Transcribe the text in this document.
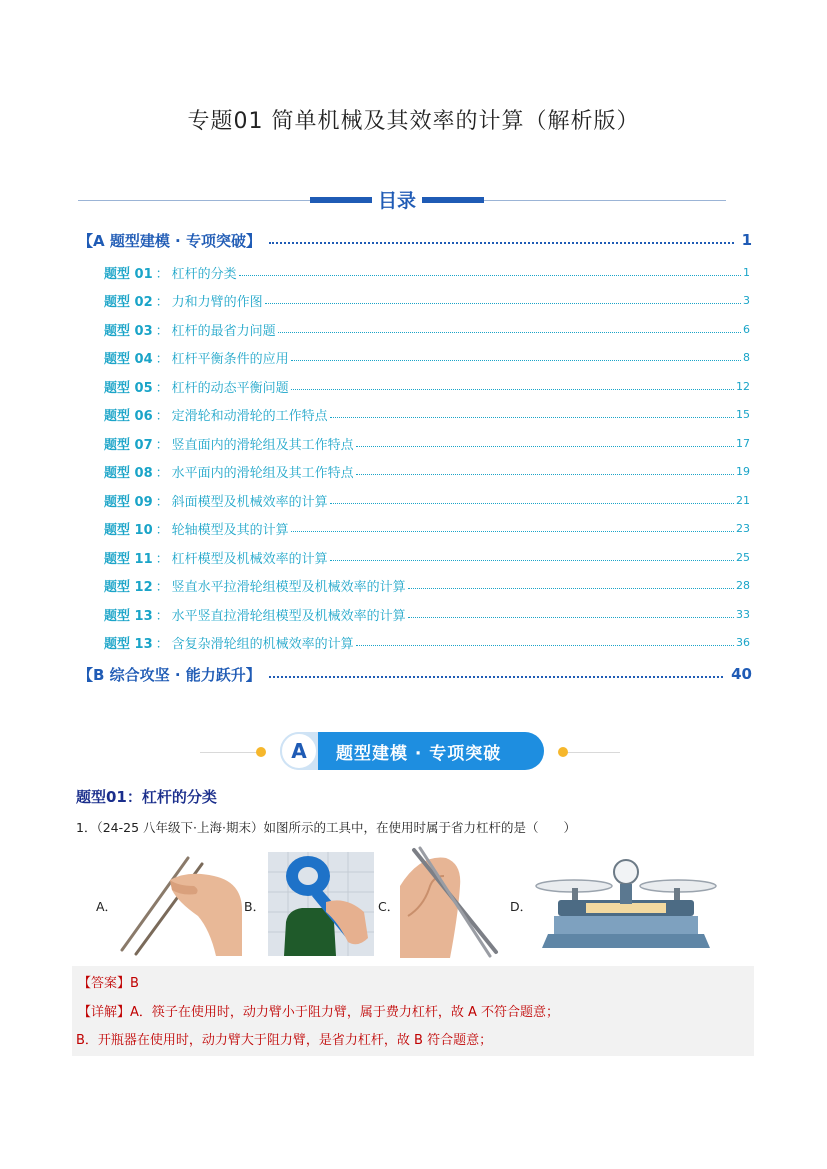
专题01 简单机械及其效率的计算（解析版）
目录
【A 题型建模 · 专项突破】	1
题型 01 ： 杠杆的分类	1
题型 02 ： 力和力臂的作图	3
题型 03 ： 杠杆的最省力问题	6
题型 04 ： 杠杆平衡条件的应用	8
题型 05 ： 杠杆的动态平衡问题	12
题型 06 ： 定滑轮和动滑轮的工作特点	15
题型 07 ： 竖直面内的滑轮组及其工作特点	17
题型 08 ： 水平面内的滑轮组及其工作特点	19
题型 09 ： 斜面模型及机械效率的计算	21
题型 10 ： 轮轴模型及其的计算	23
题型 11 ： 杠杆模型及机械效率的计算	25
题型 12 ： 竖直水平拉滑轮组模型及机械效率的计算	28
题型 13 ： 水平竖直拉滑轮组模型及机械效率的计算	33
题型 13 ： 含复杂滑轮组的机械效率的计算	36
【B 综合攻坚 · 能力跃升】	40
A	题型建模 · 专项突破
题型01：杠杆的分类
1．（24-25 八年级下·上海·期末）如图所示的工具中，在使用时属于省力杠杆的是（　　）
A．	B．	C．	D．
【答案】B
【详解】A．筷子在使用时，动力臂小于阻力臂，属于费力杠杆，故 A 不符合题意；
B．开瓶器在使用时，动力臂大于阻力臂，是省力杠杆，故 B 符合题意；
